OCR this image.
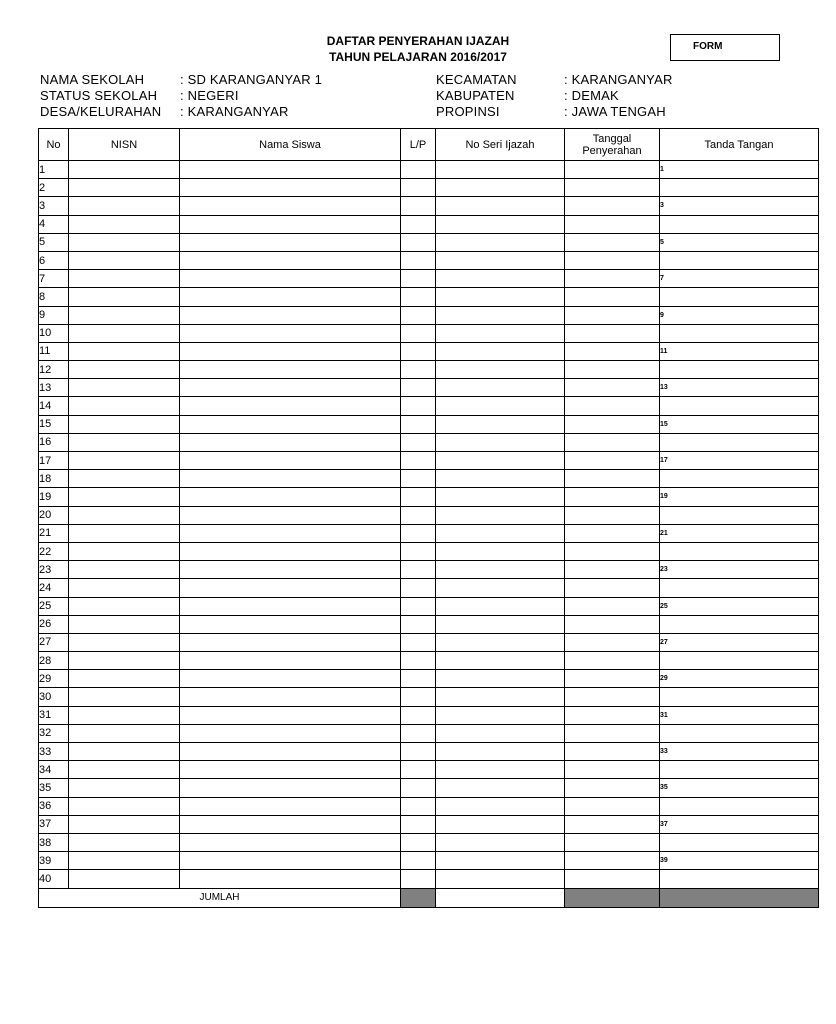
DAFTAR PENYERAHAN IJAZAH
TAHUN PELAJARAN 2016/2017
FORM
NAMA SEKOLAH	: SD KARANGANYAR 1
STATUS SEKOLAH : NEGERI
DESA/KELURAHAN : KARANGANYAR
KECAMATAN	: KARANGANYAR
KABUPATEN	: DEMAK
PROPINSI	: JAWA TENGAH
No	NISN	Nama Siswa	L/P	No Seri Ijazah	Tanggal
Penyerahan	Tanda Tangan
1						1
2						
3						3
4						
5						5
6						
7						7
8						
9						9
10						
11						11
12						
13						13
14						
15						15
16						
17						17
18						
19						19
20						
21						21
22						
23						23
24						
25						25
26						
27						27
28						
29						29
30						
31						31
32						
33						33
34						
35						35
36						
37						37
38						
39						39
40						
JUMLAH						
